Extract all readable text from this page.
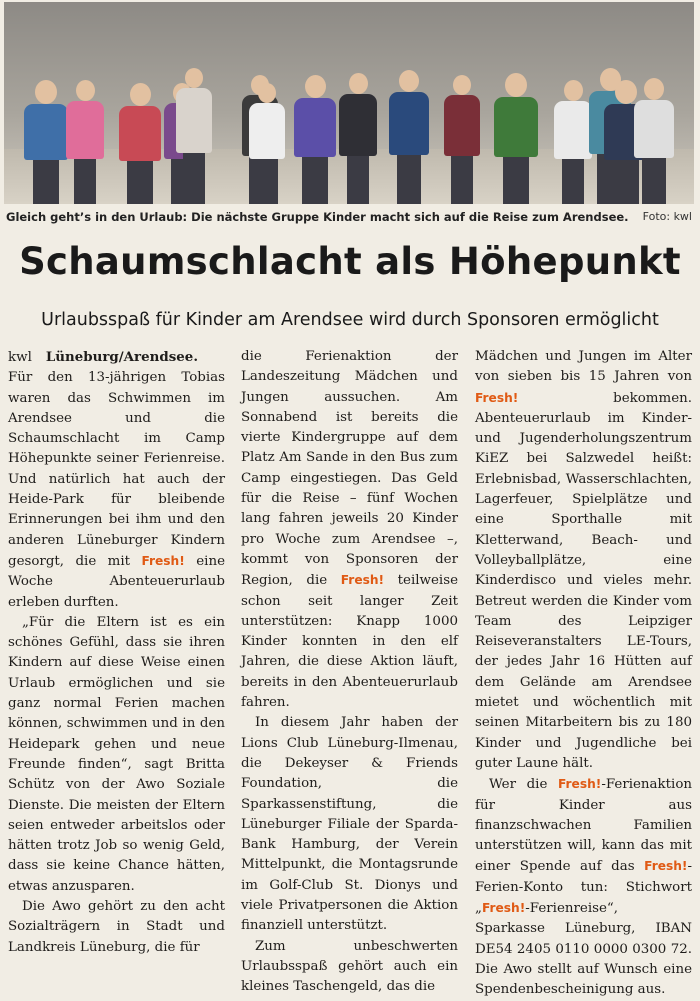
Gleich geht’s in den Urlaub: Die nächste Gruppe Kinder macht sich auf die Reise zum Arendsee.	Foto: kwl
Schaumschlacht als Höhepunkt
Urlaubsspaß für Kinder am Arendsee wird durch Sponsoren ermöglicht

kwl Lüneburg/Arendsee. Für den 13-jährigen Tobias waren das Schwimmen im Arendsee und die Schaumschlacht im Camp Höhepunkte seiner Ferienreise. Und natürlich hat auch der Heide-Park für bleibende Erinnerungen bei ihm und den anderen Lüneburger Kindern gesorgt, die mit Fresh! eine Woche Abenteuerurlaub erleben durften.

„Für die Eltern ist es ein schönes Gefühl, dass sie ihren Kindern auf diese Weise einen Urlaub ermöglichen und sie ganz normal Ferien machen können, schwimmen und in den Heidepark gehen und neue Freunde finden“, sagt Britta Schütz von der Awo Soziale Dienste. Die meisten der Eltern seien entweder arbeitslos oder hätten trotz Job so wenig Geld, dass sie keine Chance hätten, etwas anzusparen.

Die Awo gehört zu den acht Sozialträgern in Stadt und Landkreis Lüneburg, die für

die Ferienaktion der Landeszeitung Mädchen und Jungen aussuchen. Am Sonnabend ist bereits die vierte Kindergruppe auf dem Platz Am Sande in den Bus zum Camp eingestiegen. Das Geld für die Reise – fünf Wochen lang fahren jeweils 20 Kinder pro Woche zum Arendsee –, kommt von Sponsoren der Region, die Fresh! teilweise schon seit langer Zeit unterstützen: Knapp 1000 Kinder konnten in den elf Jahren, die diese Aktion läuft, bereits in den Abenteuerurlaub fahren.

In diesem Jahr haben der Lions Club Lüneburg-Ilmenau, die Dekeyser & Friends Foundation, die Sparkassenstiftung, die Lüneburger Filiale der Sparda-Bank Hamburg, der Verein Mittelpunkt, die Montagsrunde im Golf-Club St. Dionys und viele Privatpersonen die Aktion finanziell unterstützt.

Zum unbeschwerten Urlaubsspaß gehört auch ein kleines Taschengeld, das die

Mädchen und Jungen im Alter von sieben bis 15 Jahren von Fresh!	bekommen. Abenteuerurlaub im Kinder- und Jugenderholungszentrum KiEZ bei Salzwedel heißt: Erlebnisbad, Wasserschlachten, Lagerfeuer, Spielplätze und eine Sporthalle mit Kletterwand, Beach- und Volleyballplätze, eine Kinderdisco und vieles mehr. Betreut werden die Kinder vom Team des Leipziger Reiseveranstalters LE-Tours, der jedes Jahr 16 Hütten auf dem Gelände am Arendsee mietet und wöchentlich mit seinen Mitarbeitern bis zu 180 Kinder und Jugendliche bei guter Laune hält.

Wer die Fresh!-Ferienaktion für Kinder aus finanzschwachen Familien unterstützen will, kann das mit einer Spende auf das Fresh!-Ferien-Konto tun: Stichwort „Fresh!-Ferienreise“, Sparkasse Lüneburg, IBAN DE54 2405 0110 0000 0300 72. Die Awo stellt auf Wunsch eine Spendenbescheinigung aus.
